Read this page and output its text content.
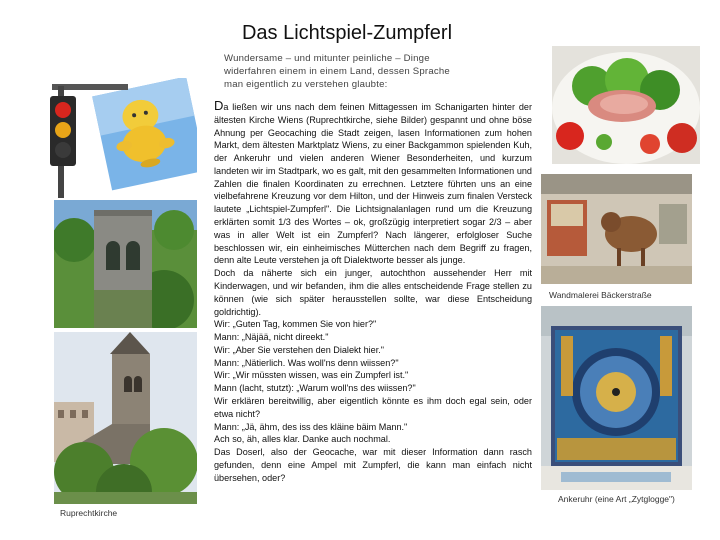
Das Lichtspiel-Zumpferl
Wundersame – und mitunter peinliche – Dinge widerfahren einem in einem Land, dessen Sprache man eigentlich zu verstehen glaubte:
Ruprechtkirche

Da ließen wir uns nach dem feinen Mittagessen im Schanigarten hinter der ältesten Kirche Wiens (Ruprechtkirche, siehe Bilder) gespannt und ohne böse Ahnung per Geocaching die Stadt zeigen, lasen Informationen zum hohen Markt, dem ältesten Marktplatz Wiens, zu einer Backgammon spielenden Kuh, der Ankeruhr und vielen anderen Wiener Besonderheiten, und kurzum landeten wir im Stadtpark, wo es galt, mit den gesammelten Informationen und Zahlen die finalen Koordinaten zu errechnen. Letztere führten uns an eine vielbefahrene Kreuzung vor dem Hilton, und der Hinweis zum finalen Versteck lautete „Lichtspiel-Zumpferl". Die Lichtsignalanlagen rund um die Kreuzung erklärten somit 1/3 des Wortes – ok, großzügig interpretiert sogar 2/3 – aber was in aller Welt ist ein Zumpferl? Nach längerer, erfolgloser Suche beschlossen wir, ein einheimisches Mütterchen nach dem Begriff zu fragen, denn alte Leute verstehen ja oft Dialektworte besser als junge.

Doch da näherte sich ein junger, autochthon aussehender Herr mit Kinderwagen, und wir befanden, ihm die alles entscheidende Frage stellen zu können (wie sich später herausstellen sollte, war diese Entscheidung goldrichtig).

Wir: „Guten Tag, kommen Sie von hier?"

Mann: „Näjää, nicht direekt."

Wir: „Aber Sie verstehen den Dialekt hier."

Mann: „Nätierlich. Was woll'ns denn wiissen?"

Wir: „Wir müssten wissen, was ein Zumpferl ist."

Mann (lacht, stutzt): „Warum woll'ns des wiissen?"

Wir erklären bereitwillig, aber eigentlich könnte es ihm doch egal sein, oder etwa nicht?

Mann: „Jä, ähm, des iss des kläine bäim Mann."

Ach so, äh, alles klar. Danke auch nochmal.

Das Doserl, also der Geocache, war mit dieser Information dann rasch gefunden, denn eine Ampel mit Zumpferl, die kann man einfach nicht übersehen, oder?

Wandmalerei Bäckerstraße
Ankeruhr (eine Art „Zytglogge")
